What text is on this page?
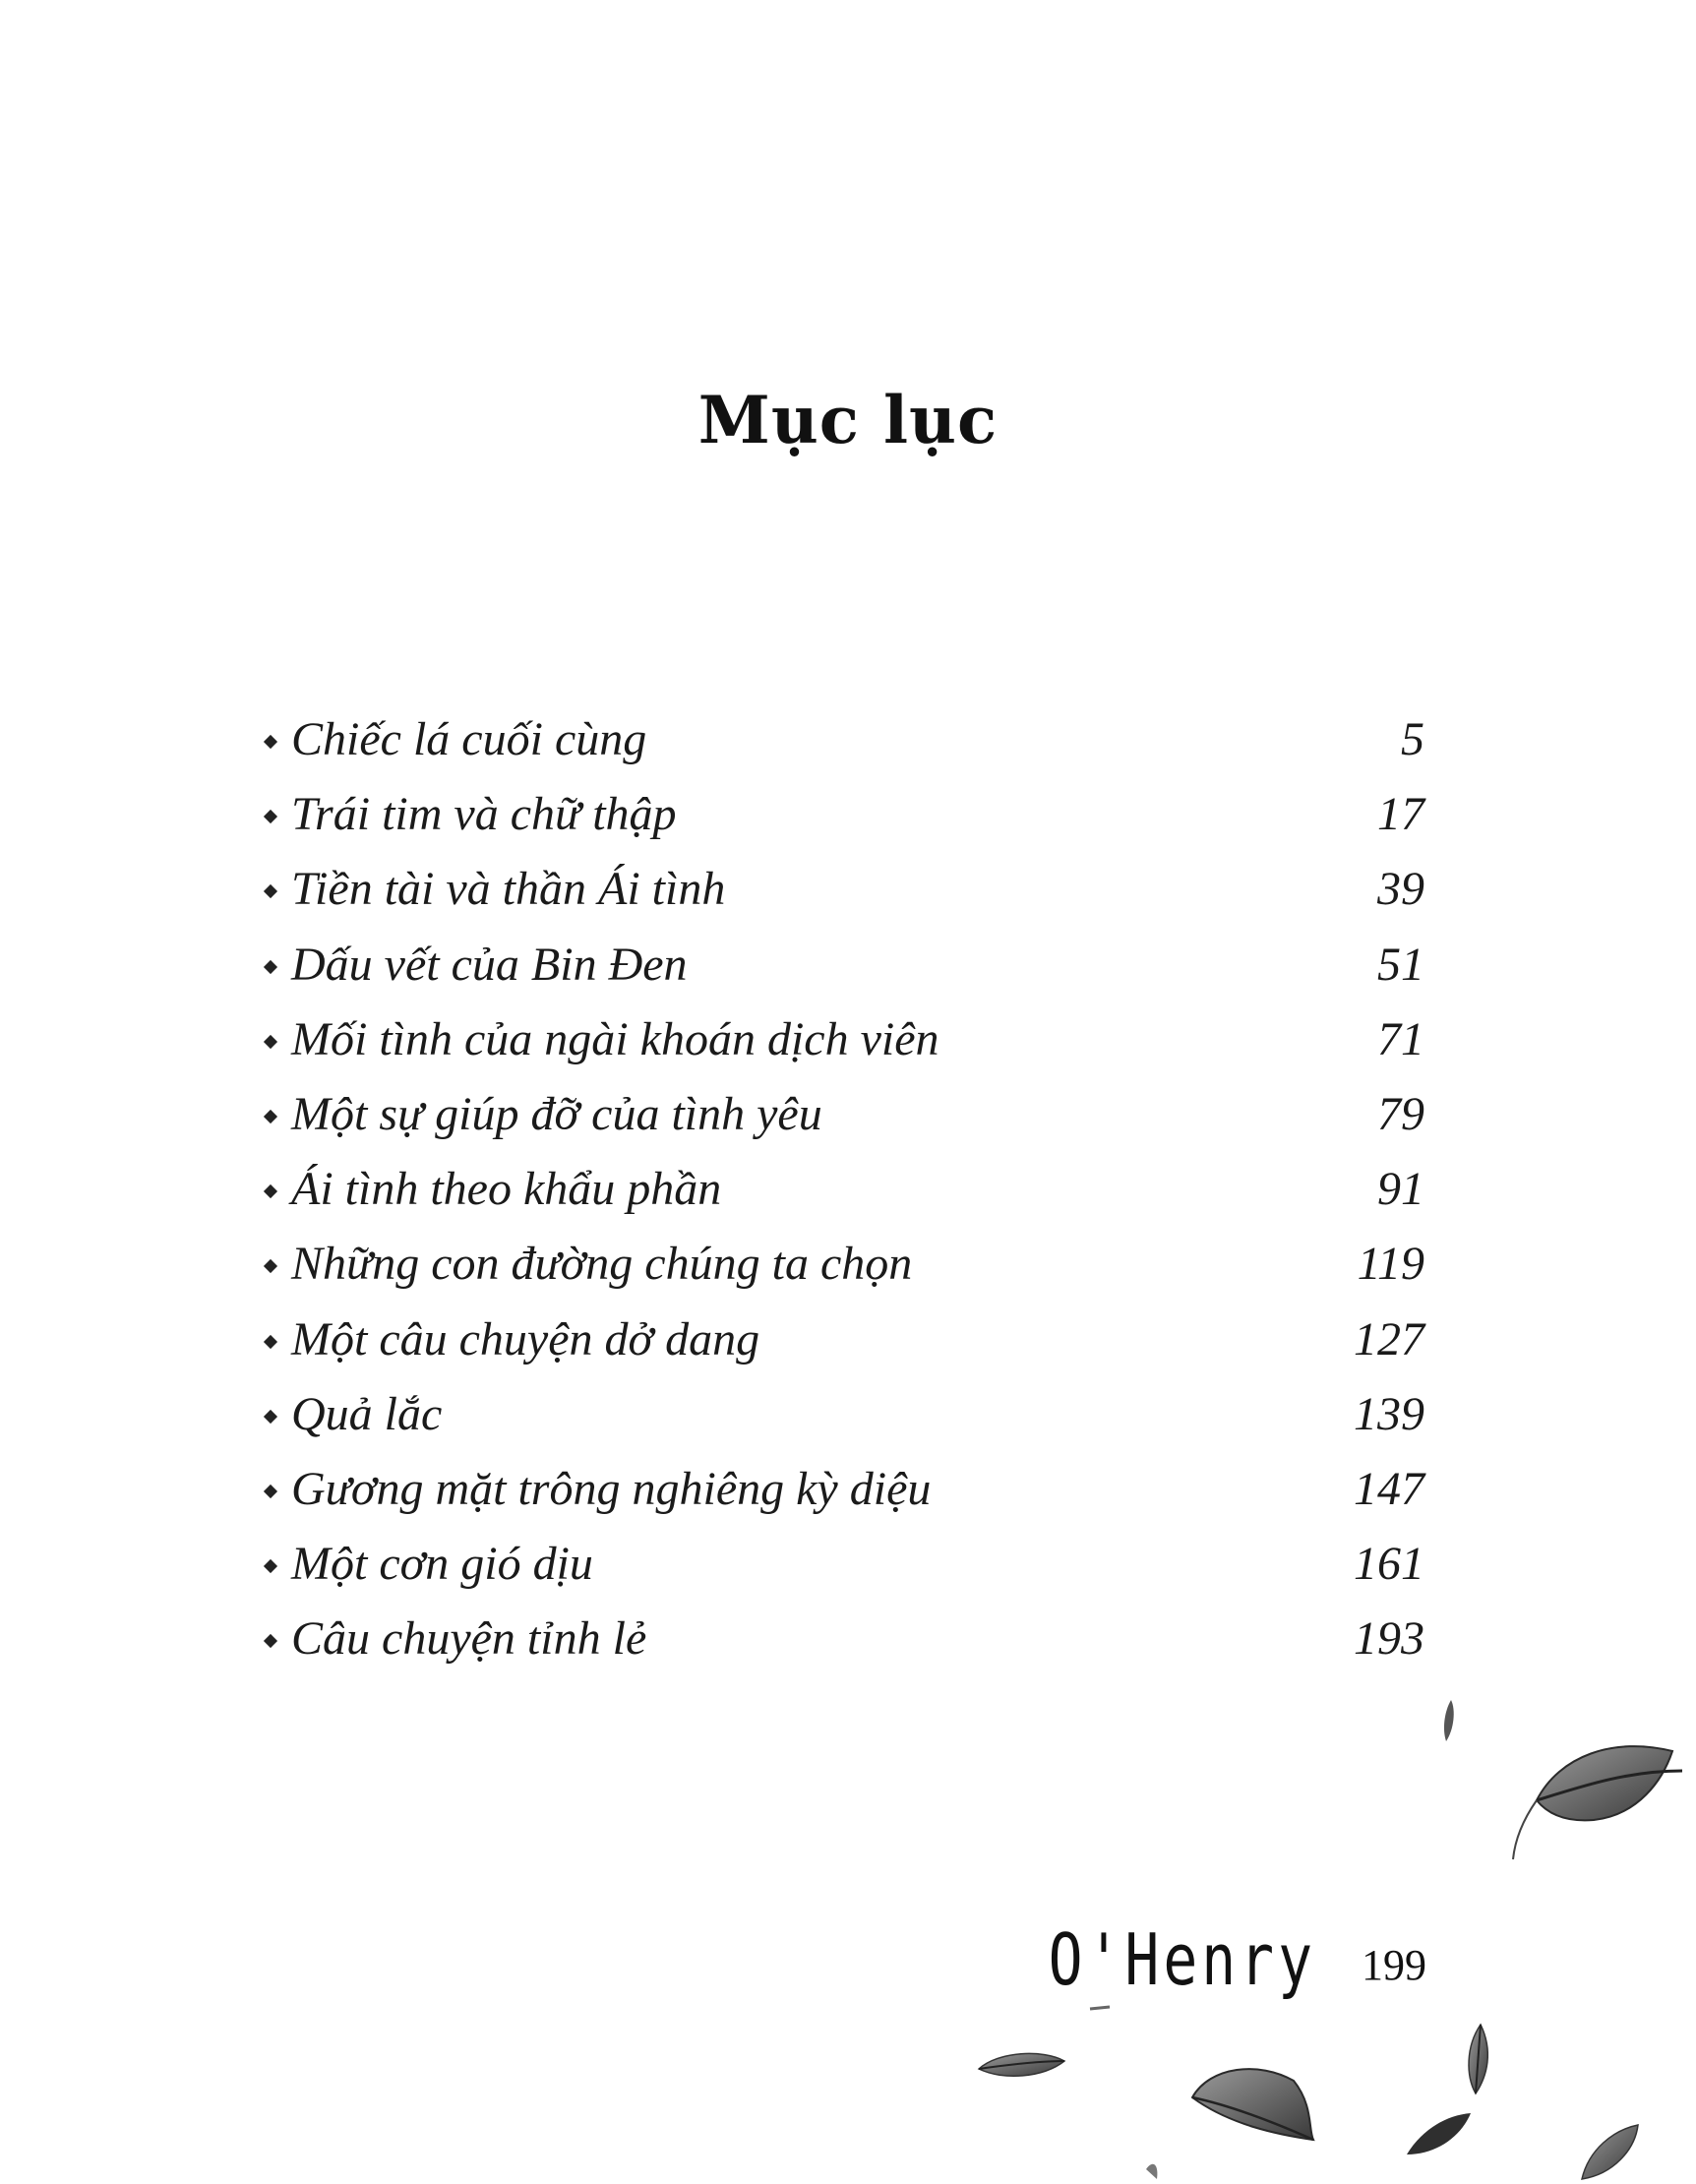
Mục lục
Chiếc lá cuối cùng	5
Trái tim và chữ thập	17
Tiền tài và thần Ái tình	39
Dấu vết của Bin Đen	51
Mối tình của ngài khoán dịch viên	71
Một sự giúp đỡ của tình yêu	79
Ái tình theo khẩu phần	91
Những con đường chúng ta chọn	119
Một câu chuyện dở dang	127
Quả lắc	139
Gương mặt trông nghiêng kỳ diệu	147
Một cơn gió dịu	161
Câu chuyện tỉnh lẻ	193
O'Henry 199
